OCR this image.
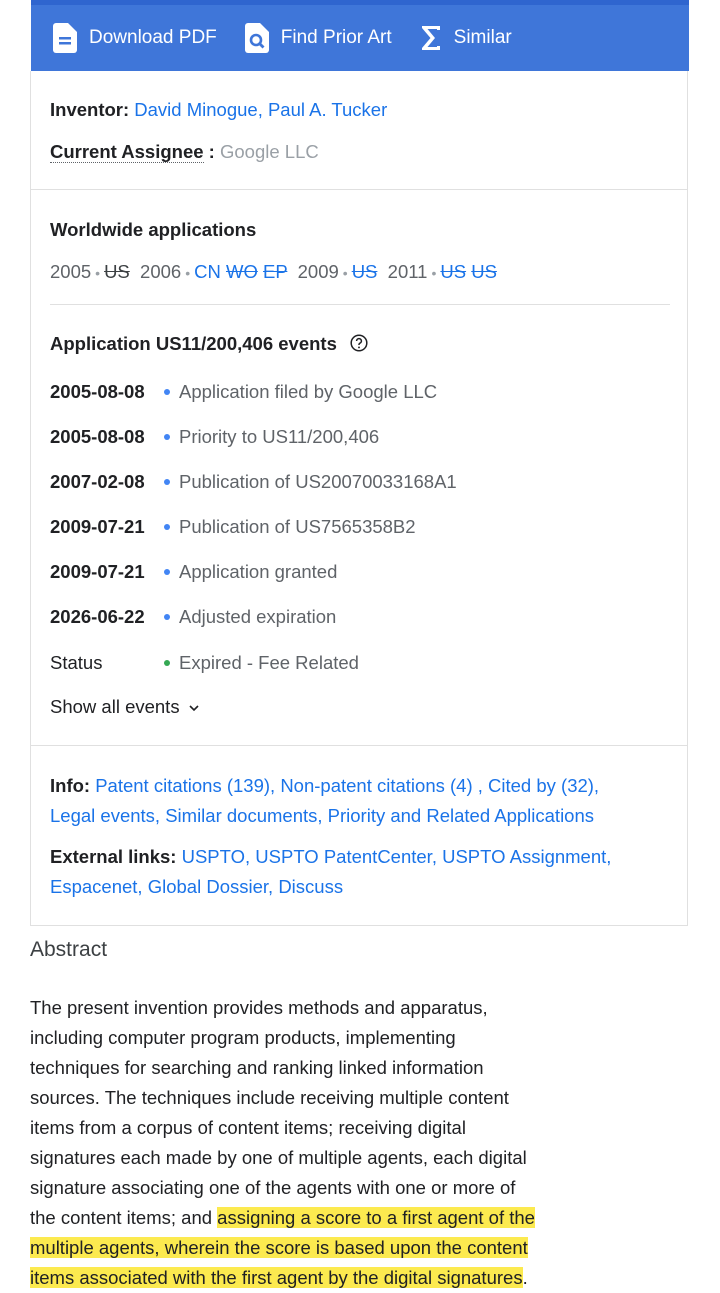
Download PDF	Find Prior Art	Similar
Inventor: David Minogue, Paul A. Tucker
Current Assignee : Google LLC
Worldwide applications
2005 • US 2006 • CN WO EP 2009 • US 2011 • US US
Application US11/200,406 events
2005-08-08 Application filed by Google LLC
2005-08-08 Priority to US11/200,406
2007-02-08 Publication of US20070033168A1
2009-07-21 Publication of US7565358B2
2009-07-21 Application granted
2026-06-22 Adjusted expiration
Status	Expired - Fee Related
Show all events
Info: Patent citations (139), Non-patent citations (4) , Cited by (32),
Legal events, Similar documents, Priority and Related Applications
External links: USPTO, USPTO PatentCenter, USPTO Assignment,
Espacenet, Global Dossier, Discuss
Abstract
The present invention provides methods and apparatus,
including computer program products, implementing
techniques for searching and ranking linked information
sources. The techniques include receiving multiple content
items from a corpus of content items; receiving digital
signatures each made by one of multiple agents, each digital
signature associating one of the agents with one or more of
the content items; and assigning a score to a first agent of the
multiple agents, wherein the score is based upon the content
items associated with the first agent by the digital signatures.
